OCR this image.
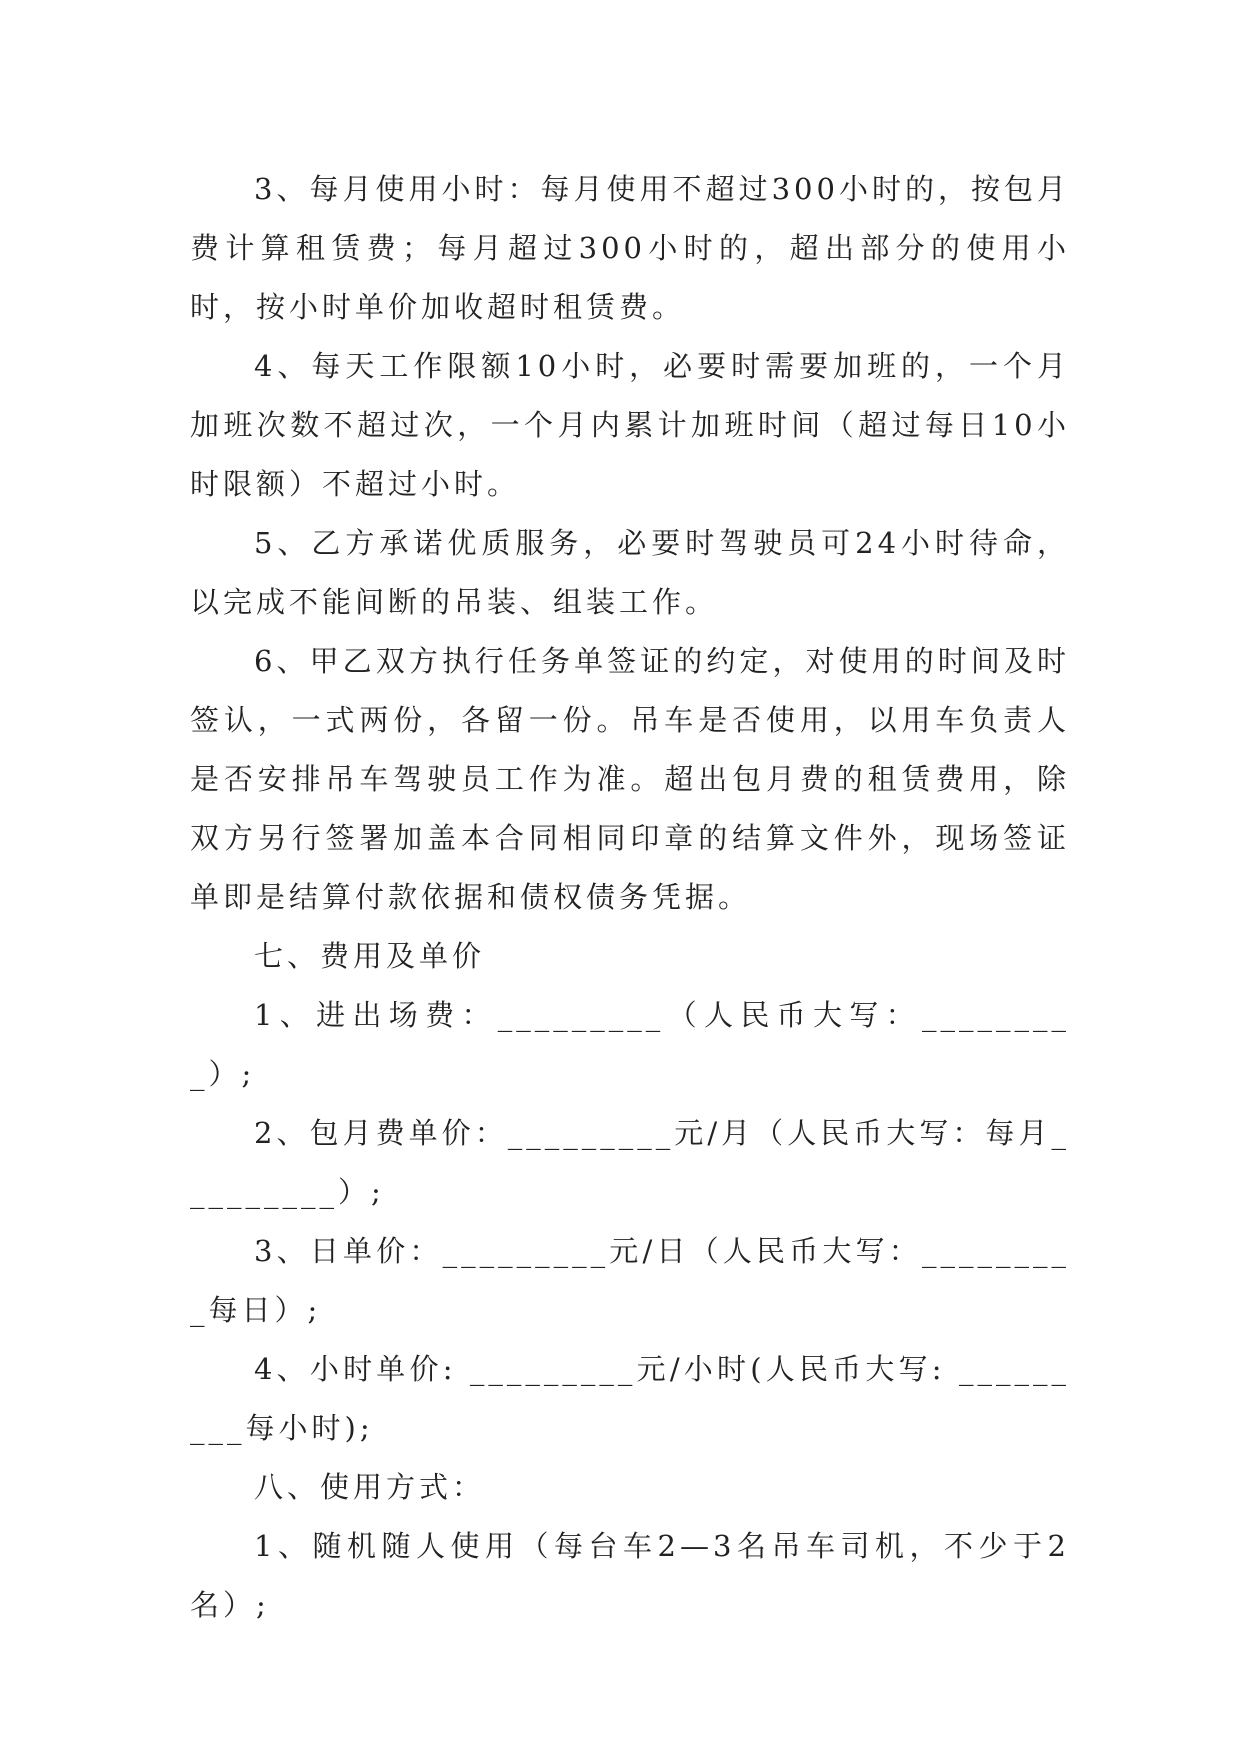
3、每月使用小时：每月使用不超过300小时的，按包月费计算租赁费；每月超过300小时的，超出部分的使用小时，按小时单价加收超时租赁费。

4、每天工作限额10小时，必要时需要加班的，一个月加班次数不超过次，一个月内累计加班时间（超过每日10小时限额）不超过小时。

5、乙方承诺优质服务，必要时驾驶员可24小时待命，以完成不能间断的吊装、组装工作。

6、甲乙双方执行任务单签证的约定，对使用的时间及时签认，一式两份，各留一份。吊车是否使用，以用车负责人是否安排吊车驾驶员工作为准。超出包月费的租赁费用，除双方另行签署加盖本合同相同印章的结算文件外，现场签证单即是结算付款依据和债权债务凭据。

七、费用及单价

1、进出场费：_________（人民币大写：_________）;

2、包月费单价：_________元/月（人民币大写：每月_________）;

3、日单价：_________元/日（人民币大写：_________每日）;

4、小时单价: _________元/小时(人民币大写: _________每小时);

八、使用方式：

1、随机随人使用（每台车2—3名吊车司机，不少于2名）;
